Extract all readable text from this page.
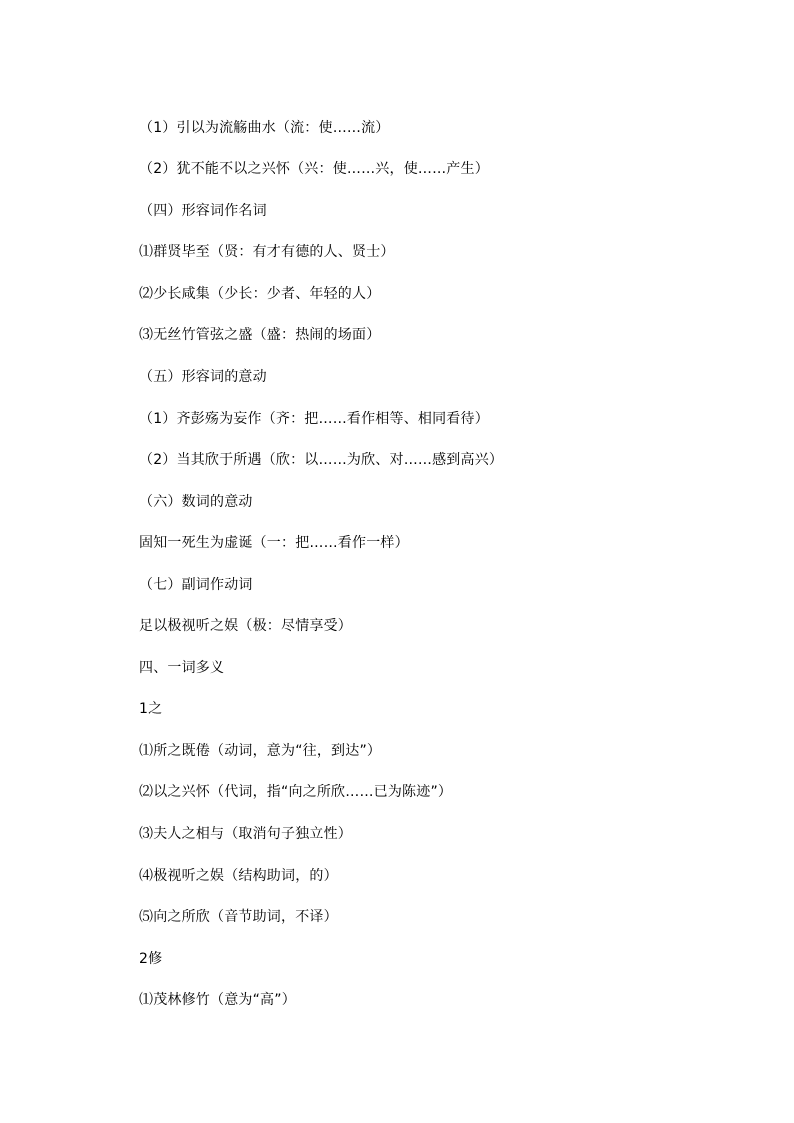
（1）引以为流觞曲水（流：使……流）
（2）犹不能不以之兴怀（兴：使……兴，使……产生）
（四）形容词作名词
⑴群贤毕至（贤：有才有德的人、贤士）
⑵少长咸集（少长：少者、年轻的人）
⑶无丝竹管弦之盛（盛：热闹的场面）
（五）形容词的意动
（1）齐彭殇为妄作（齐：把……看作相等、相同看待）
（2）当其欣于所遇（欣：以……为欣、对……感到高兴）
（六）数词的意动
固知一死生为虚诞（一：把……看作一样）
（七）副词作动词
足以极视听之娱（极：尽情享受）
四、一词多义
1之
⑴所之既倦（动词，意为“往，到达”）
⑵以之兴怀（代词，指“向之所欣……已为陈迹”）
⑶夫人之相与（取消句子独立性）
⑷极视听之娱（结构助词，的）
⑸向之所欣（音节助词，不译）
2修
⑴茂林修竹（意为“高”）
